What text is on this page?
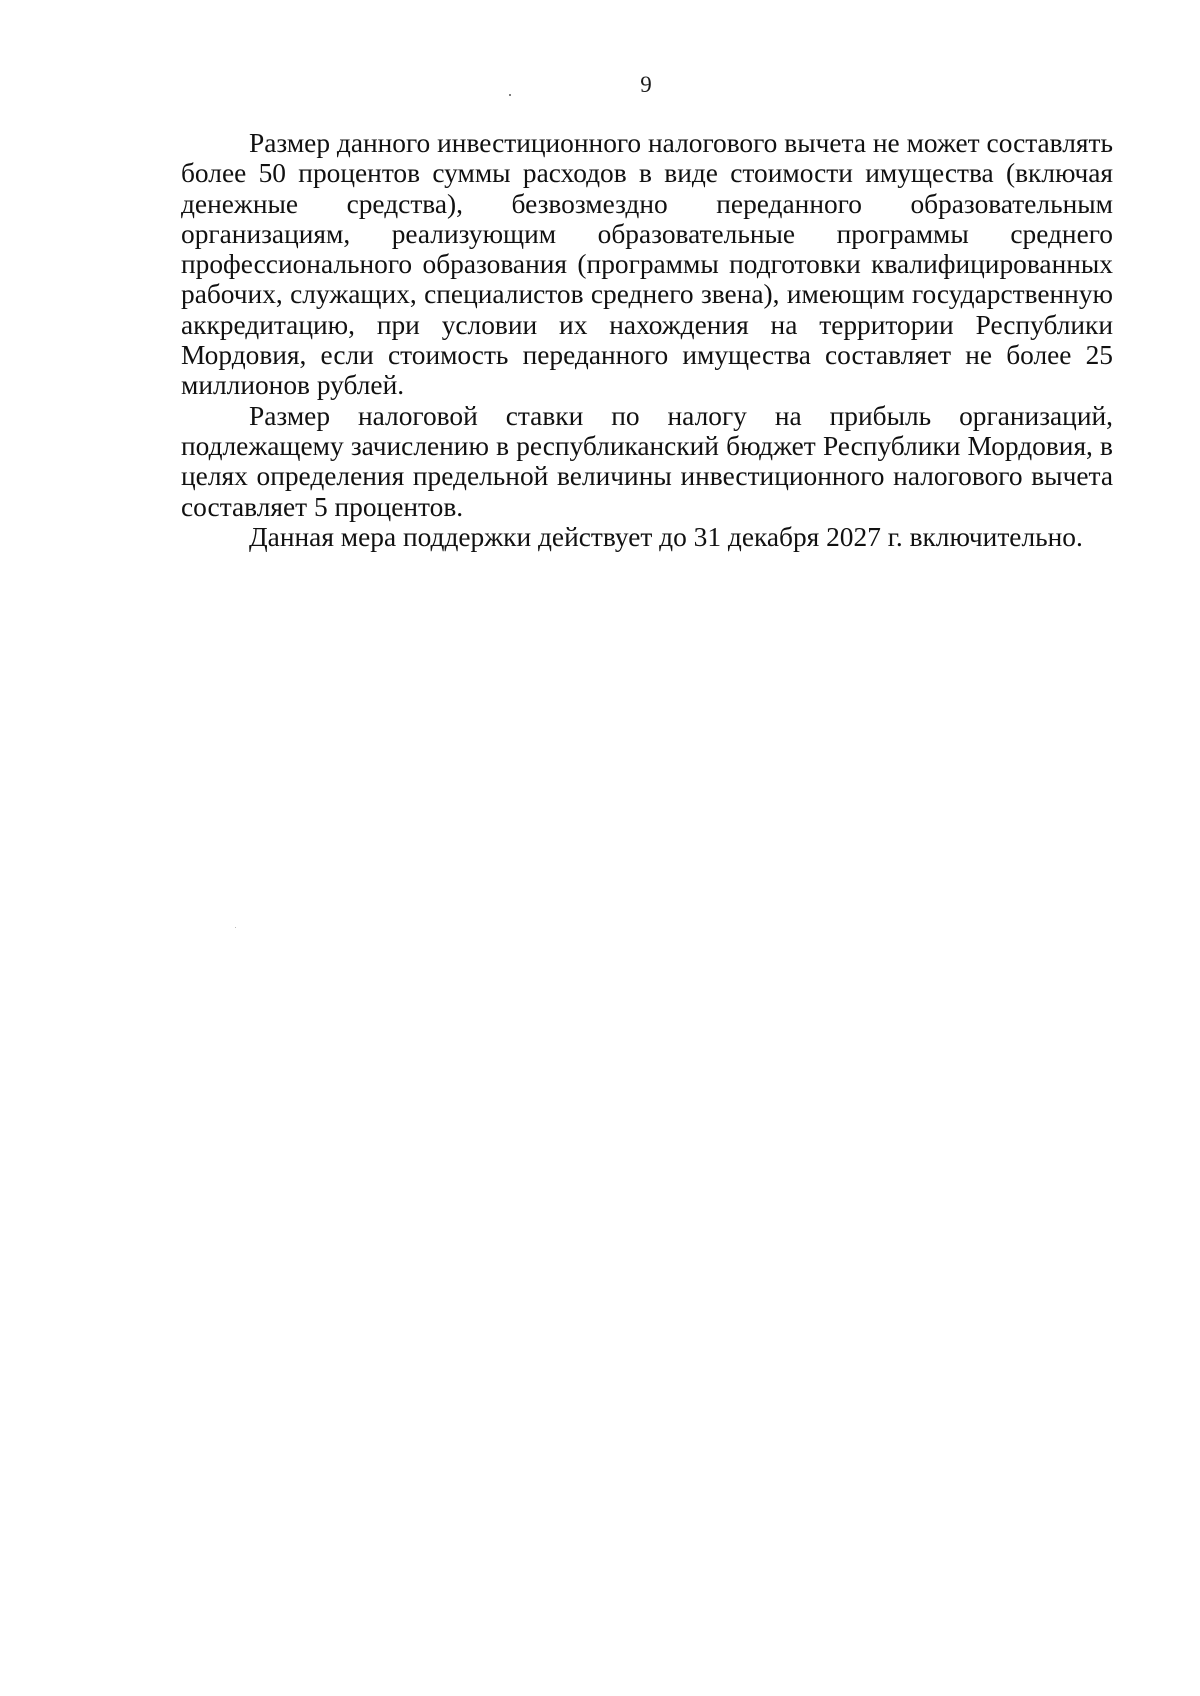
9

Размер данного инвестиционного налогового вычета не может составлять более 50 процентов суммы расходов в виде стоимости имущества (включая денежные средства), безвозмездно переданного образовательным организациям, реализующим образовательные программы среднего профессионального образования (программы подготовки квалифицированных рабочих, служащих, специалистов среднего звена), имеющим государственную аккредитацию, при условии их нахождения на территории Республики Мордовия, если стоимость переданного имущества составляет не более 25 миллионов рублей.

Размер налоговой ставки по налогу на прибыль организаций, подлежащему зачислению в республиканский бюджет Республики Мордовия, в целях определения предельной величины инвестиционного налогового вычета составляет 5 процентов.

Данная мера поддержки действует до 31 декабря 2027 г. включительно.
